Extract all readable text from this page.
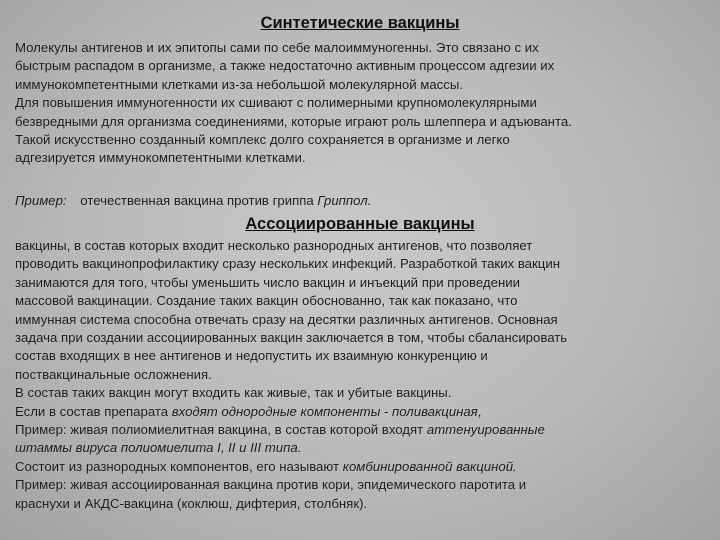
Синтетические вакцины
Молекулы антигенов и их эпитопы сами по себе малоиммуногенны. Это связано с их
быстрым распадом в организме, а также недостаточно активным процессом адгезии их
иммунокомпетентными клетками из-за небольшой молекулярной массы.
Для повышения иммуногенности их сшивают с полимерными крупномолекулярными
безвредными для организма соединениями, которые играют роль шлеппера и адъюванта.
Такой искусственно созданный комплекс долго сохраняется в организме и легко
адгезируется иммунокомпетентными клетками.
Пример: отечественная вакцина против гриппа Гриппол.
Ассоциированные вакцины
вакцины, в состав которых входит несколько разнородных антигенов, что позволяет
проводить вакцинопрофилактику сразу нескольких инфекций. Разработкой таких вакцин
занимаются для того, чтобы уменьшить число вакцин и инъекций при проведении
массовой вакцинации. Создание таких вакцин обоснованно, так как показано, что
иммунная система способна отвечать сразу на десятки различных антигенов. Основная
задача при создании ассоциированных вакцин заключается в том, чтобы сбалансировать
состав входящих в нее антигенов и недопустить их взаимную конкуренцию и
поствакцинальные осложнения.
В состав таких вакцин могут входить как живые, так и убитые вакцины.
Если в состав препарата входят однородные компоненты - поливакциная,
Пример: живая полиомиелитная вакцина, в состав которой входят аттенуированные
штаммы вируса полиомиелита I, II и III типа.
Состоит из разнородных компонентов, его называют комбинированной вакциной.
Пример: живая ассоциированная вакцина против кори, эпидемического паротита и
краснухи и АКДС-вакцина (коклюш, дифтерия, столбняк).
